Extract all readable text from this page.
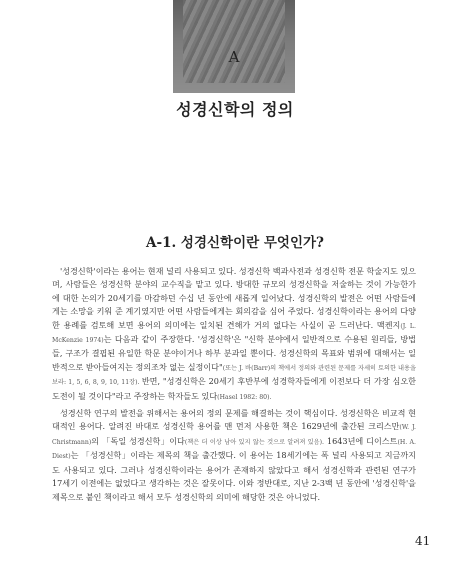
A
성경신학의 정의
A-1. 성경신학이란 무엇인가?

'성경신학'이라는 용어는 현재 널리 사용되고 있다. 성경신학 백과사전과 성경신학 전문 학술지도 있으며, 사람들은 성경신학 분야의 교수직을 맡고 있다. 방대한 규모의 성경신학을 저술하는 것이 가능한가에 대한 논의가 20세기를 마감하던 수십 년 동안에 새롭게 일어났다. 성경신학의 발전은 어떤 사람들에게는 소망을 키워 준 계기였지만 어떤 사람들에게는 회의감을 심어 주었다. 성경신학이라는 용어의 다양한 용례를 검토해 보면 용어의 의미에는 일치된 견해가 거의 없다는 사실이 곧 드러난다. 맥켄지(J. L. McKenzie 1974)는 다음과 같이 주장한다. '성경신학'은 "신학 분야에서 일반적으로 수용된 원리들, 방법들, 구조가 결핍된 유일한 학문 분야이거나 하부 분과일 뿐이다. 성경신학의 목표와 범위에 대해서는 일반적으로 받아들여지는 정의조차 없는 실정이다"(또는 J. 바(Barr)의 책에서 정의와 관련된 문제를 자세히 토의한 내용을 보라: 1, 5, 6, 8, 9, 10, 11장). 반면, "성경신학은 20세기 후반부에 성경학자들에게 이전보다 더 가장 심오한 도전이 될 것이다"라고 주장하는 학자들도 있다(Hasel 1982: 80).

성경신학 연구의 발전을 위해서는 용어의 정의 문제를 해결하는 것이 핵심이다. 성경신학은 비교적 현대적인 용어다. 알려진 바대로 성경신학 용어를 맨 먼저 사용한 책은 1629년에 출간된 크리스만(W. J. Christmann)의 「독일 성경신학」이다(책은 더 이상 남아 있지 않는 것으로 알려져 있음). 1643년에 디이스트(H. A. Diest)는 「성경신학」이라는 제목의 책을 출간했다. 이 용어는 18세기에는 폭 널리 사용되고 지금까지도 사용되고 있다. 그러나 성경신학이라는 용어가 존재하지 않았다고 해서 성경신학과 관련된 연구가 17세기 이전에는 없었다고 생각하는 것은 잘못이다. 이와 정반대로, 지난 2-3백 년 동안에 '성경신학'을 제목으로 붙인 책이라고 해서 모두 성경신학의 의미에 해당한 것은 아니었다.

41
